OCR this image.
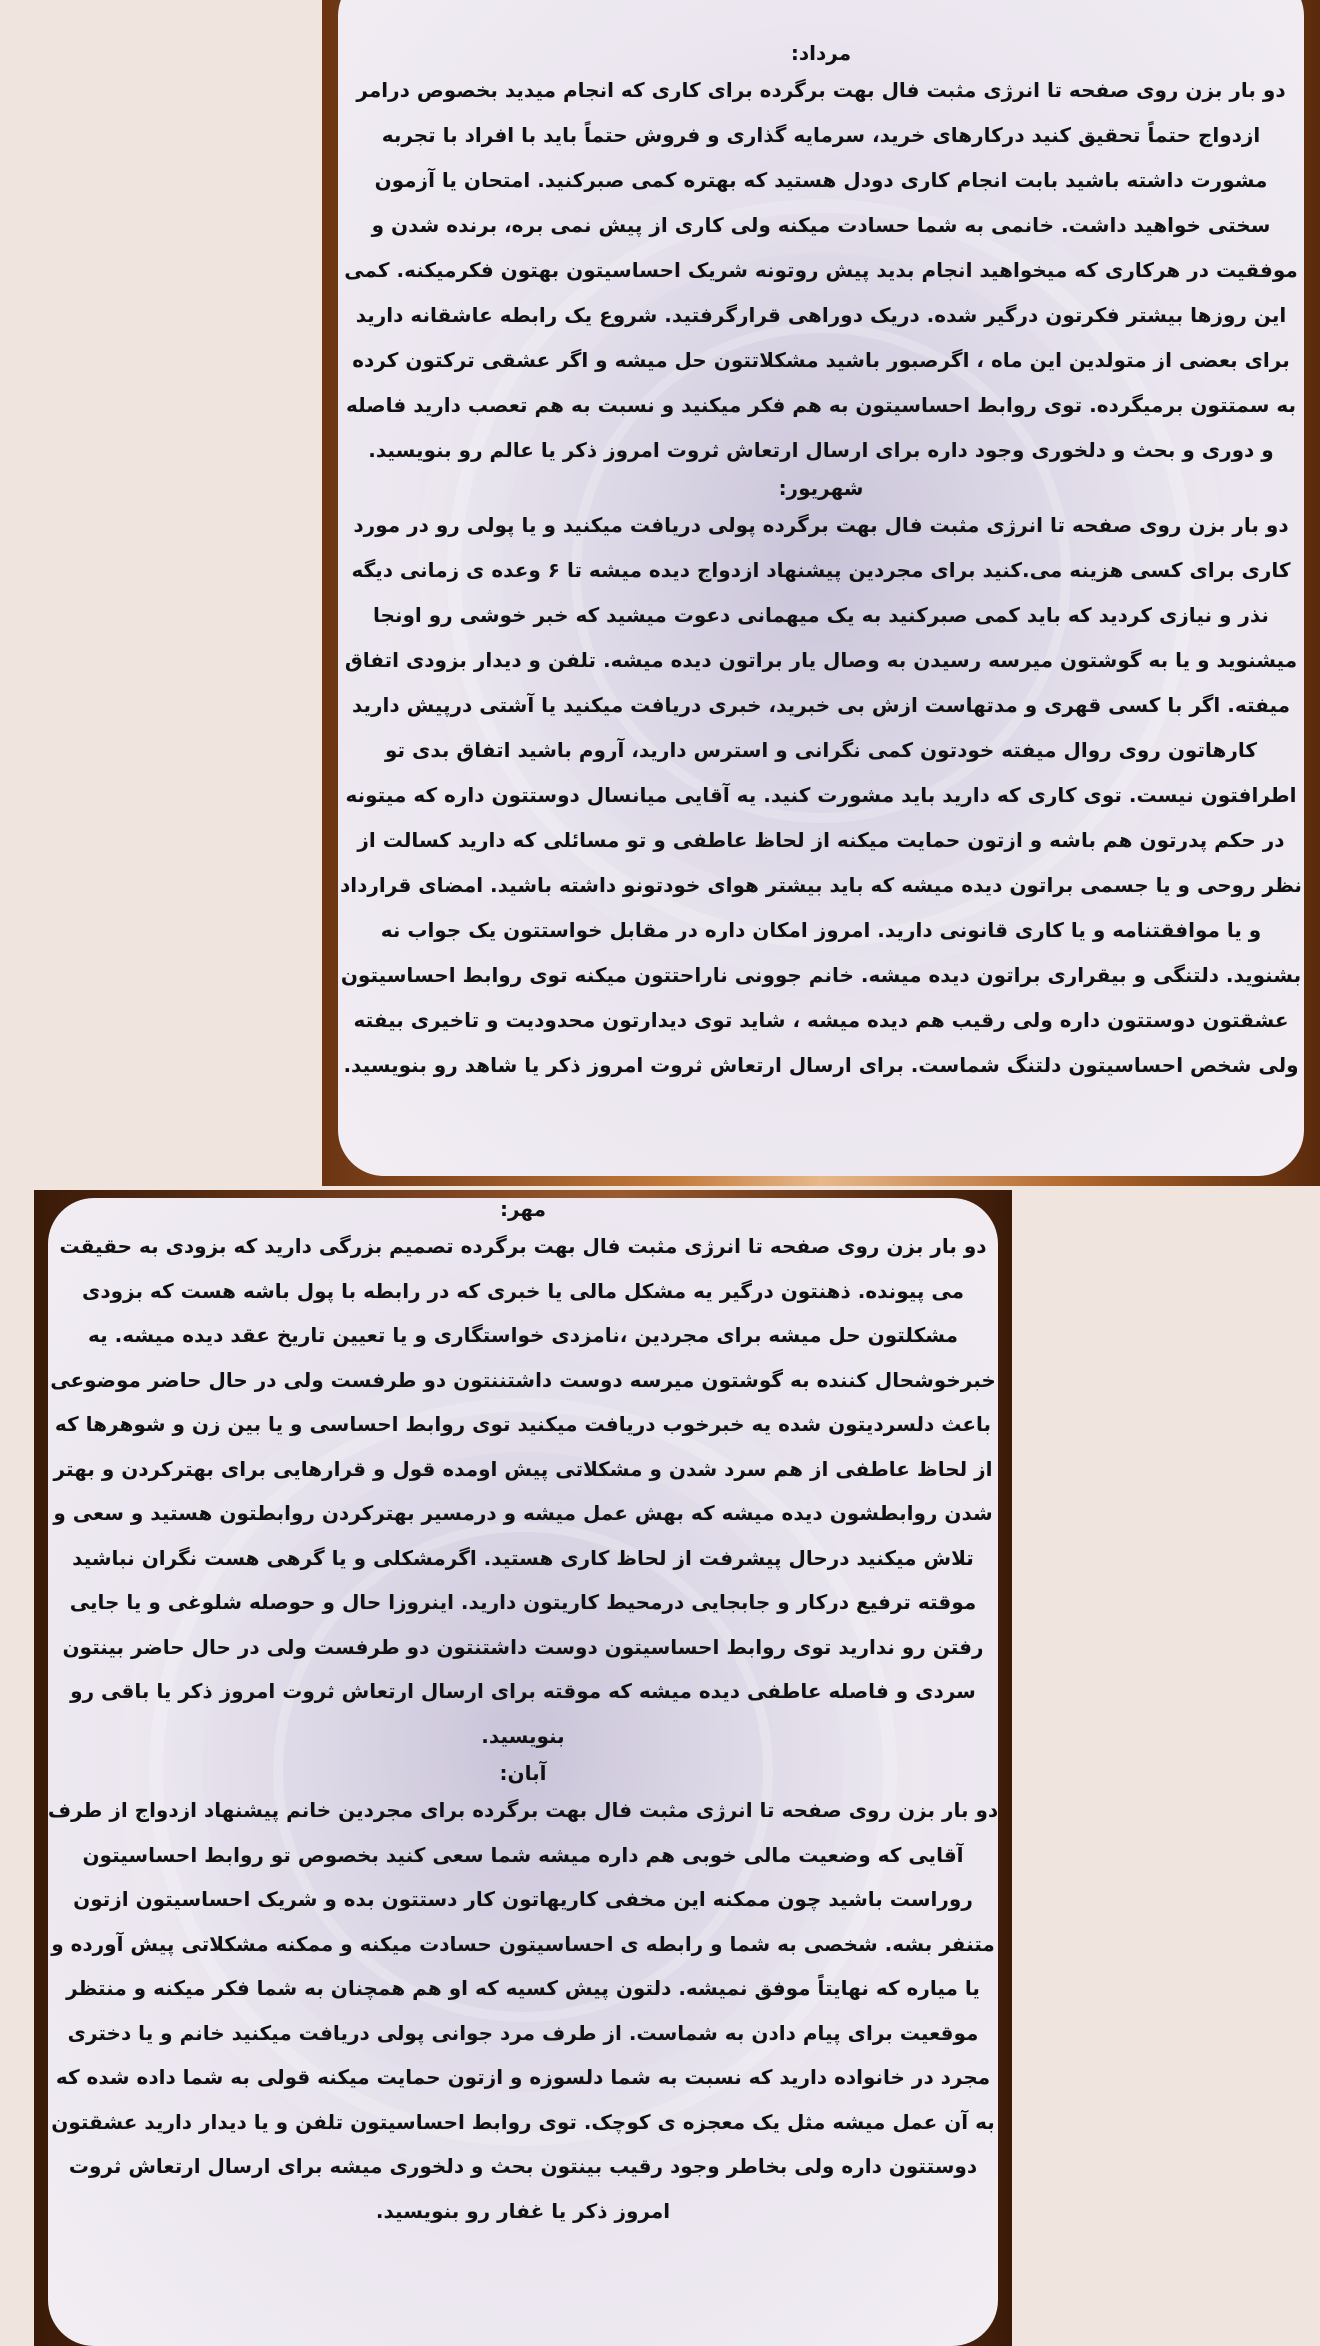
مرداد:

دو بار بزن روی صفحه تا انرژی مثبت فال بهت برگرده برای کاری که انجام میدید بخصوص درامر ازدواج حتماً تحقیق کنید درکارهای خرید، سرمایه گذاری و فروش حتماً باید با افراد با تجربه مشورت داشته باشید بابت انجام کاری دودل هستید که بهتره کمی صبرکنید. امتحان یا آزمون سختی خواهید داشت. خانمی به شما حسادت میکنه ولی کاری از پیش نمی بره، برنده شدن و موفقیت در هرکاری که میخواهید انجام بدید پیش روتونه شریک احساسیتون بهتون فکرمیکنه. کمی این روزها بیشتر فکرتون درگیر شده. دریک دوراهی قرارگرفتید. شروع یک رابطه عاشقانه دارید برای بعضی از متولدین این ماه ، اگرصبور باشید مشکلاتتون حل میشه و اگر عشقی ترکتون کرده به سمتتون برمیگرده. توی روابط احساسیتون به هم فکر میکنید و نسبت به هم تعصب دارید فاصله و دوری و بحث و دلخوری وجود داره برای ارسال ارتعاش ثروت امروز ذکر یا عالم رو بنویسید.

شهریور:

دو بار بزن روی صفحه تا انرژی مثبت فال بهت برگرده پولی دریافت میکنید و یا پولی رو در مورد کاری برای کسی هزینه می.کنید برای مجردین پیشنهاد ازدواج دیده میشه تا ۶ وعده ی زمانی دیگه نذر و نیازی کردید که باید کمی صبرکنید به یک میهمانی دعوت میشید که خبر خوشی رو اونجا میشنوید و یا به گوشتون میرسه رسیدن به وصال یار براتون دیده میشه. تلفن و دیدار بزودی اتفاق میفته. اگر با کسی قهری و مدتهاست ازش بی خبرید، خبری دریافت میکنید یا آشتی درپیش دارید کارهاتون روی روال میفته خودتون کمی نگرانی و استرس دارید، آروم باشید اتفاق بدی تو اطرافتون نیست. توی کاری که دارید باید مشورت کنید. یه آقایی میانسال دوستتون داره که میتونه در حکم پدرتون هم باشه و ازتون حمایت میکنه از لحاظ عاطفی و تو مسائلی که دارید کسالت از نظر روحی و یا جسمی براتون دیده میشه که باید بیشتر هوای خودتونو داشته باشید. امضای قرارداد و یا موافقتنامه و یا کاری قانونی دارید. امروز امکان داره در مقابل خواستتون یک جواب نه بشنوید. دلتنگی و بیقراری براتون دیده میشه. خانم جوونی ناراحتتون میکنه توی روابط احساسیتون عشقتون دوستتون داره ولی رقیب هم دیده میشه ، شاید توی دیدارتون محدودیت و تاخیری بیفته ولی شخص احساسیتون دلتنگ شماست. برای ارسال ارتعاش ثروت امروز ذکر یا شاهد رو بنویسید.

مهر:

دو بار بزن روی صفحه تا انرژی مثبت فال بهت برگرده تصمیم بزرگی دارید که بزودی به حقیقت می پیونده. ذهنتون درگیر یه مشکل مالی یا خبری که در رابطه با پول باشه هست که بزودی مشکلتون حل میشه برای مجردین ،نامزدی خواستگاری و یا تعیین تاریخ عقد دیده میشه. یه خبرخوشحال کننده به گوشتون میرسه دوست داشتننتون دو طرفست ولی در حال حاضر موضوعی باعث دلسردیتون شده یه خبرخوب دریافت میکنید توی روابط احساسی و یا بین زن و شوهرها که از لحاظ عاطفی از هم سرد شدن و مشکلاتی پیش اومده قول و قرارهایی برای بهترکردن و بهتر شدن روابطشون دیده میشه که بهش عمل میشه و درمسیر بهترکردن روابطتون هستید و سعی و تلاش میکنید درحال پیشرفت از لحاظ کاری هستید. اگرمشکلی و یا گرهی هست نگران نباشید موقته ترفیع درکار و جابجایی درمحیط کاریتون دارید. اینروزا حال و حوصله شلوغی و یا جایی رفتن رو ندارید توی روابط احساسیتون دوست داشتنتون دو طرفست ولی در حال حاضر بینتون سردی و فاصله عاطفی دیده میشه که موقته برای ارسال ارتعاش ثروت امروز ذکر یا باقی رو بنویسید.

آبان:

دو بار بزن روی صفحه تا انرژی مثبت فال بهت برگرده برای مجردین خانم پیشنهاد ازدواج از طرف آقایی که وضعیت مالی خوبی هم داره میشه شما سعی کنید بخصوص تو روابط احساسیتون روراست باشید چون ممکنه این مخفی کاریهاتون کار دستتون بده و شریک احساسیتون ازتون متنفر بشه. شخصی به شما و رابطه ی احساسیتون حسادت میکنه و ممکنه مشکلاتی پیش آورده و یا میاره که نهایتاً موفق نمیشه. دلتون پیش کسیه که او هم همچنان به شما فکر میکنه و منتظر موقعیت برای پیام دادن به شماست. از طرف مرد جوانی پولی دریافت میکنید خانم و یا دختری مجرد در خانواده دارید که نسبت به شما دلسوزه و ازتون حمایت میکنه قولی به شما داده شده که به آن عمل میشه مثل یک معجزه ی کوچک. توی روابط احساسیتون تلفن و یا دیدار دارید عشقتون دوستتون داره ولی بخاطر وجود رقیب بینتون بحث و دلخوری میشه برای ارسال ارتعاش ثروت امروز ذکر یا غفار رو بنویسید.
